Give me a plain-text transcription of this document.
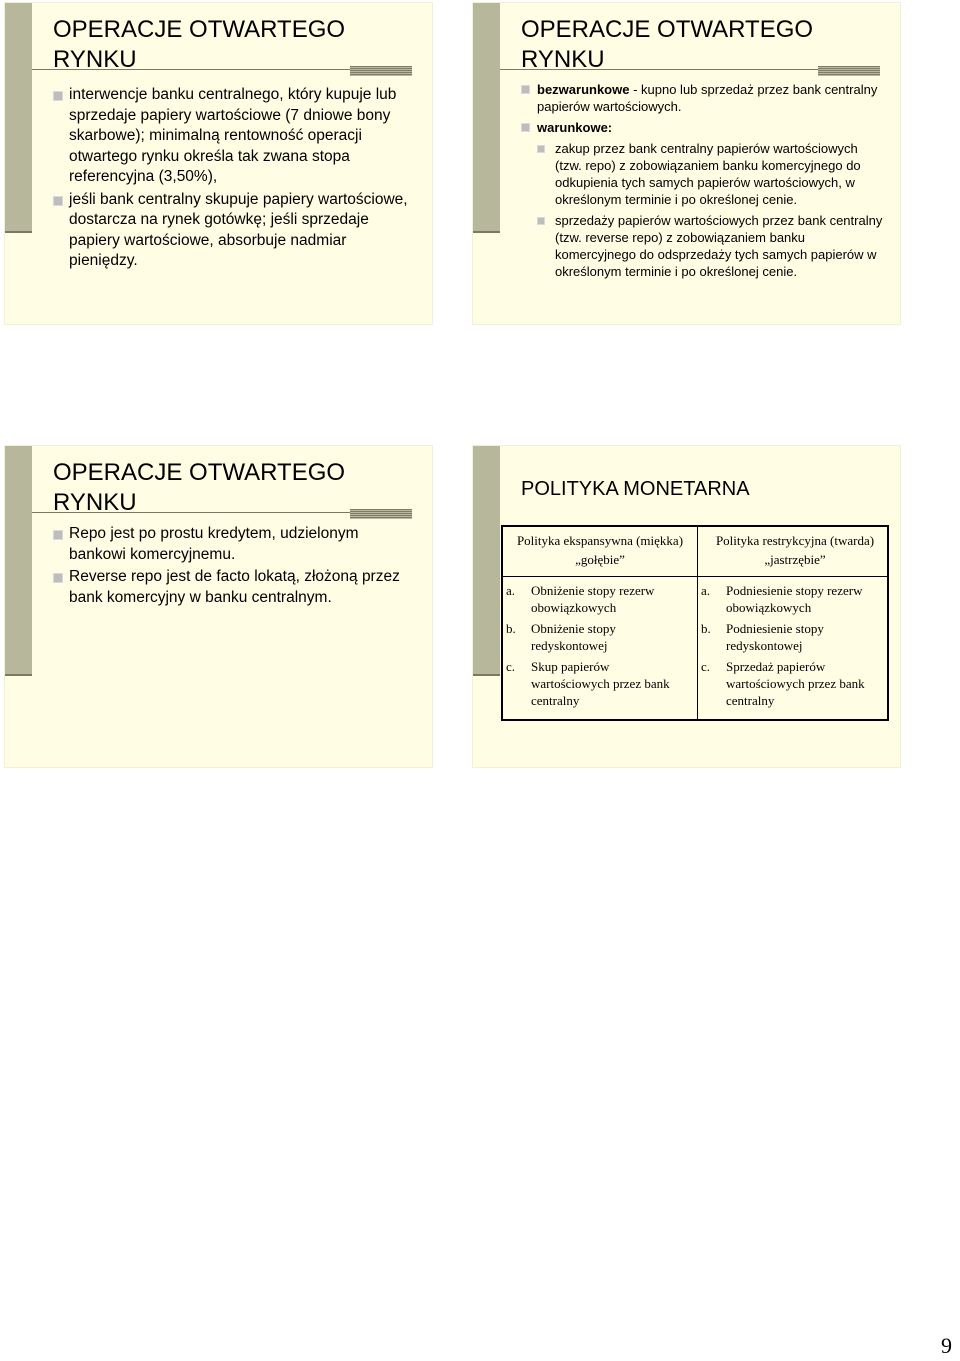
OPERACJE OTWARTEGO RYNKU
interwencje banku centralnego, który kupuje lub sprzedaje papiery wartościowe (7 dniowe bony skarbowe); minimalną rentowność operacji otwartego rynku określa tak zwana stopa referencyjna (3,50%),
jeśli bank centralny skupuje papiery wartościowe, dostarcza na rynek gotówkę; jeśli sprzedaje papiery wartościowe, absorbuje nadmiar pieniędzy.
OPERACJE OTWARTEGO RYNKU
bezwarunkowe - kupno lub sprzedaż przez bank centralny papierów wartościowych.
warunkowe:
zakup przez bank centralny papierów wartościowych (tzw. repo) z zobowiązaniem banku komercyjnego do odkupienia tych samych papierów wartościowych, w określonym terminie i po określonej cenie.
sprzedaży papierów wartościowych przez bank centralny (tzw. reverse repo) z zobowiązaniem banku komercyjnego do odsprzedaży tych samych papierów w określonym terminie i po określonej cenie.
OPERACJE OTWARTEGO RYNKU
Repo jest po prostu kredytem, udzielonym bankowi komercyjnemu.
Reverse repo jest de facto lokatą, złożoną przez bank komercyjny w banku centralnym.
POLITYKA MONETARNA
Polityka ekspansywna (miękka)
„gołębie”
Polityka restrykcyjna (twarda)
„jastrzębie”
a. Obniżenie stopy rezerw obowiązkowych
b. Obniżenie stopy redyskontowej
c. Skup papierów wartościowych przez bank centralny
a. Podniesienie stopy rezerw obowiązkowych
b. Podniesienie stopy redyskontowej
c. Sprzedaż papierów wartościowych przez bank centralny
9
